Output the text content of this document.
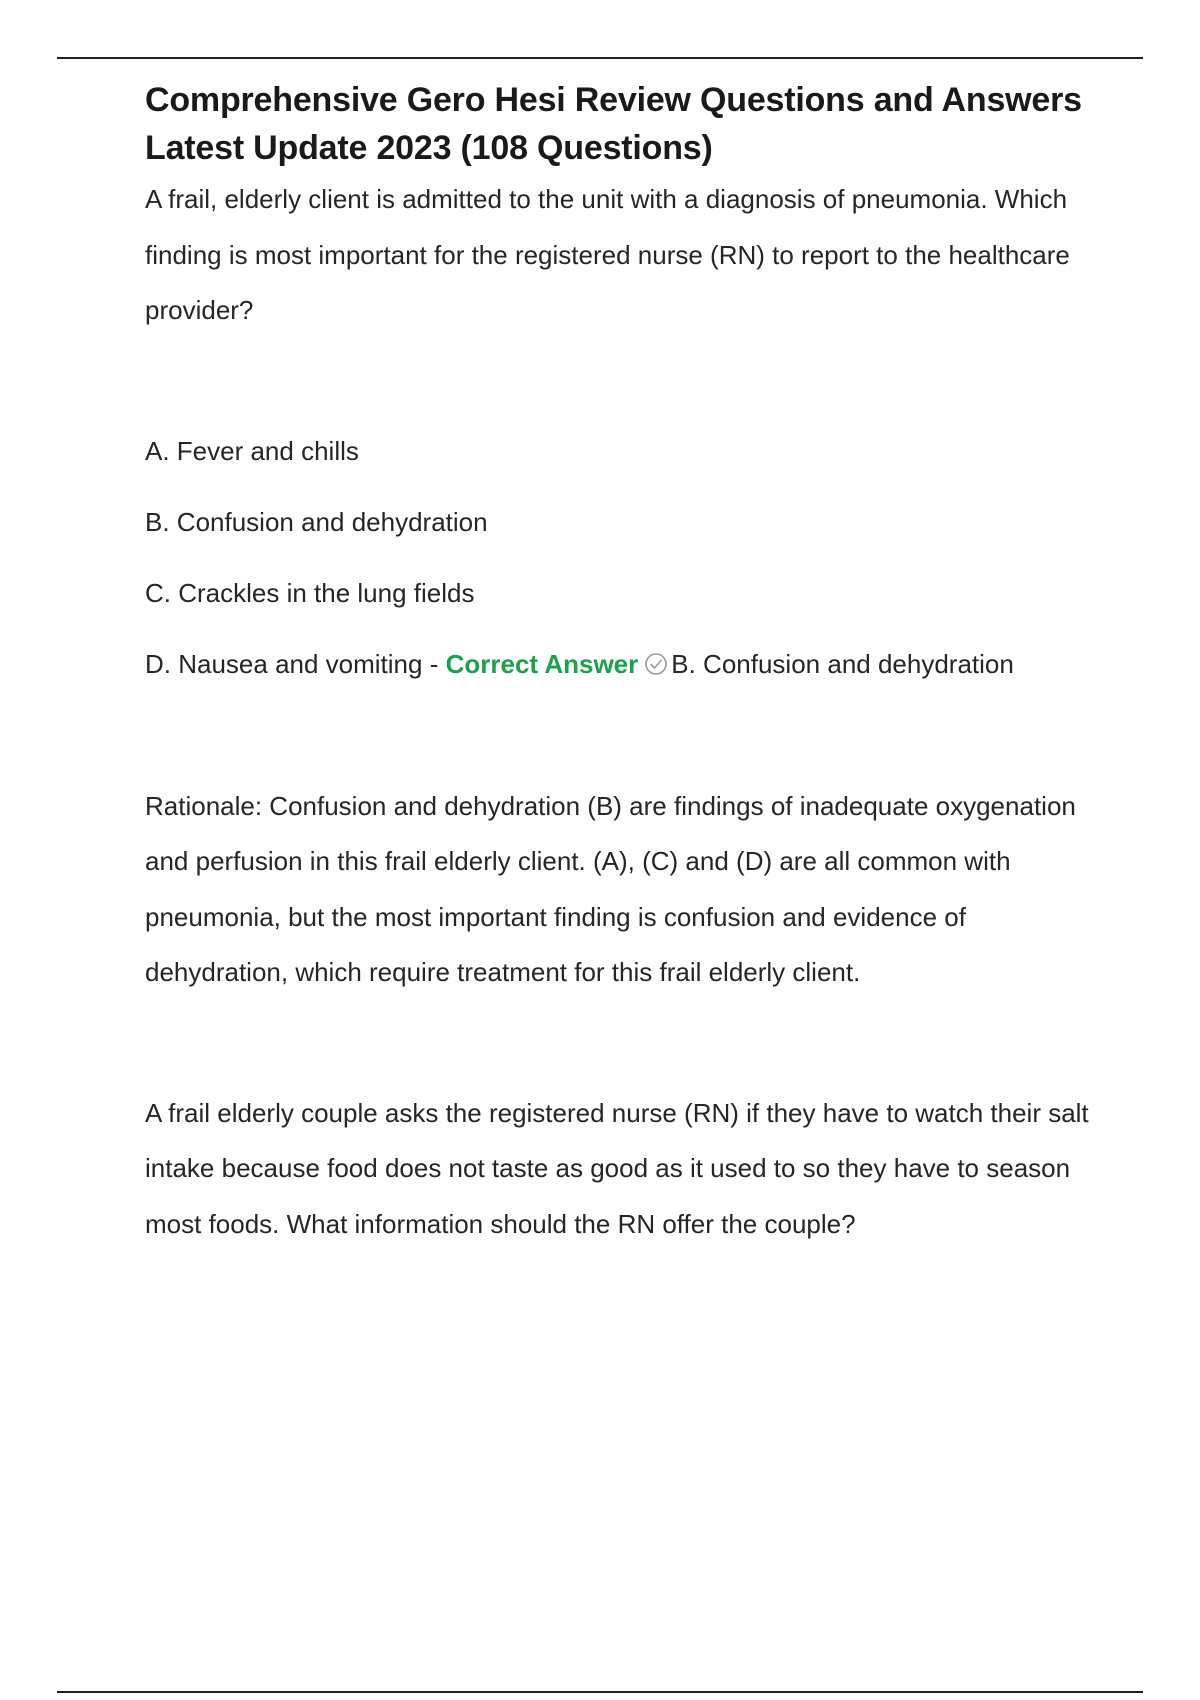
Comprehensive Gero Hesi Review Questions and Answers Latest Update 2023 (108 Questions)

A frail, elderly client is admitted to the unit with a diagnosis of pneumonia. Which finding is most important for the registered nurse (RN) to report to the healthcare provider?

A. Fever and chills

B. Confusion and dehydration

C. Crackles in the lung fields

D. Nausea and vomiting - Correct Answer B. Confusion and dehydration

Rationale: Confusion and dehydration (B) are findings of inadequate oxygenation and perfusion in this frail elderly client. (A), (C) and (D) are all common with pneumonia, but the most important finding is confusion and evidence of dehydration, which require treatment for this frail elderly client.

A frail elderly couple asks the registered nurse (RN) if they have to watch their salt intake because food does not taste as good as it used to so they have to season most foods. What information should the RN offer the couple?
